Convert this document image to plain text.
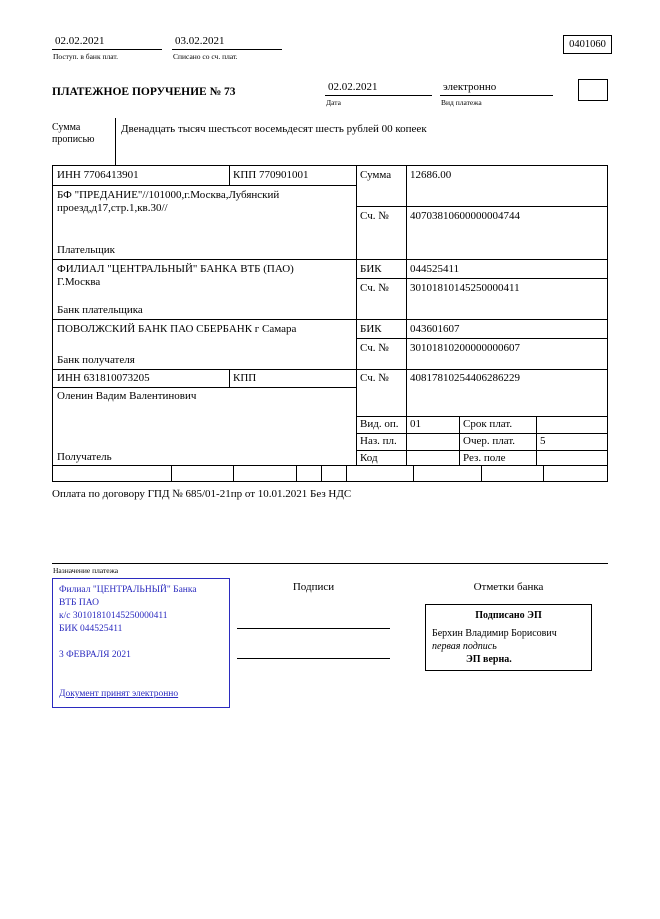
02.02.2021
Поступ. в банк плат.
03.02.2021
Списано со сч. плат.
0401060
ПЛАТЕЖНОЕ ПОРУЧЕНИЕ № 73	02.02.2021
Дата
электронно
Вид платежа
Сумма
прописью
Двенадцать тысяч шестьсот восемьдесят шесть рублей 00 копеек
ИНН 7706413901	КПП 770901001	Сумма 12686.00
БФ "ПРЕДАНИЕ"//101000,г.Москва,Лубянский
проезд,д17,стр.1,кв.30//
Сч. № 40703810600000004744
Плательщик
ФИЛИАЛ "ЦЕНТРАЛЬНЫЙ" БАНКА ВТБ (ПАО)
Г.Москва
БИК	044525411
Сч. № 30101810145250000411
Банк плательщика
ПОВОЛЖСКИЙ БАНК ПАО СБЕРБАНК г Самара	БИК	043601607
Сч. № 30101810200000000607
Банк получателя
ИНН 631810073205	КПП	Сч. № 40817810254406286229
Оленин Вадим Валентинович
Получатель
Вид. оп. 01	Срок плат.
Наз. пл.	Очер. плат. 5
Код	Рез. поле
Оплата по договору ГПД № 685/01-21пр от 10.01.2021 Без НДС
Назначение платежа
Филиал "ЦЕНТРАЛЬНЫЙ" Банка
ВТБ ПАО
к/с 30101810145250000411
БИК 044525411
3 ФЕВРАЛЯ 2021
Документ принят электронно
Подписи	Отметки банка
Подписано ЭП
Берхин Владимир Борисович
первая подпись
ЭП верна.
